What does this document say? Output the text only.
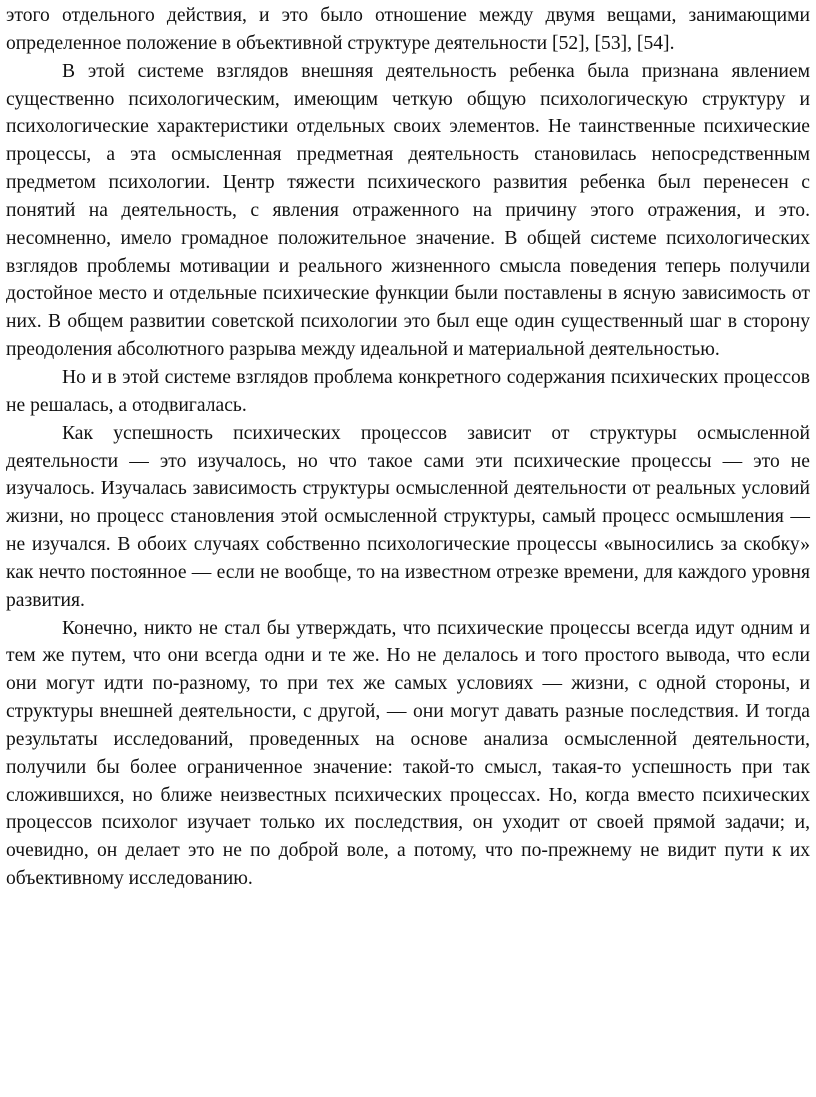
этого отдельного действия, и это было отношение между двумя вещами, занимающими определенное положение в объективной структуре деятельности [52], [53], [54].

В этой системе взглядов внешняя деятельность ребенка была признана явлением существенно психологическим, имеющим четкую общую психологическую структуру и психологические характеристики отдельных своих элементов. Не таинственные психические процессы, а эта осмысленная предметная деятельность становилась непосредственным предметом психологии. Центр тяжести психического развития ребенка был перенесен с понятий на деятельность, с явления отраженного на причину этого отражения, и это. несомненно, имело громадное положительное значение. В общей системе психологических взглядов проблемы мотивации и реального жизненного смысла поведения теперь получили достойное место и отдельные психические функции были поставлены в ясную зависимость от них. В общем развитии советской психологии это был еще один существенный шаг в сторону преодоления абсолютного разрыва между идеальной и материальной деятельностью.

Но и в этой системе взглядов проблема конкретного содержания психических процессов не решалась, а отодвигалась.

Как успешность психических процессов зависит от структуры осмысленной деятельности — это изучалось, но что такое сами эти психические процессы — это не изучалось. Изучалась зависимость структуры осмысленной деятельности от реальных условий жизни, но процесс становления этой осмысленной структуры, самый процесс осмышления — не изучался. В обоих случаях собственно психологические процессы «выносились за скобку» как нечто постоянное — если не вообще, то на известном отрезке времени, для каждого уровня развития.

Конечно, никто не стал бы утверждать, что психические процессы всегда идут одним и тем же путем, что они всегда одни и те же. Но не делалось и того простого вывода, что если они могут идти по-разному, то при тех же самых условиях — жизни, с одной стороны, и структуры внешней деятельности, с другой, — они могут давать разные последствия. И тогда результаты исследований, проведенных на основе анализа осмысленной деятельности, получили бы более ограниченное значение: такой-то смысл, такая-то успешность при так сложившихся, но ближе неизвестных психических процессах. Но, когда вместо психических процессов психолог изучает только их последствия, он уходит от своей прямой задачи; и, очевидно, он делает это не по доброй воле, а потому, что по-прежнему не видит пути к их объективному исследованию.
